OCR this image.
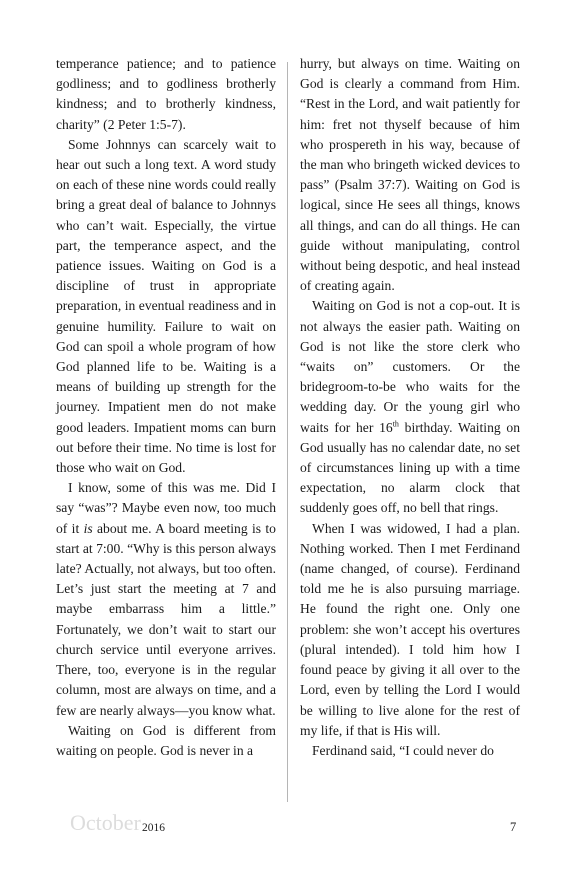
temperance patience; and to patience godliness; and to godliness brotherly kindness; and to brotherly kindness, charity” (2 Peter 1:5-7).

Some Johnnys can scarcely wait to hear out such a long text. A word study on each of these nine words could really bring a great deal of balance to Johnnys who can’t wait. Especially, the virtue part, the temperance aspect, and the patience issues. Waiting on God is a discipline of trust in appropriate preparation, in eventual readiness and in genuine humility. Failure to wait on God can spoil a whole program of how God planned life to be. Waiting is a means of building up strength for the journey. Impatient men do not make good leaders. Impatient moms can burn out before their time. No time is lost for those who wait on God.

I know, some of this was me. Did I say “was”? Maybe even now, too much of it is about me. A board meeting is to start at 7:00. “Why is this person always late? Actually, not always, but too often. Let’s just start the meeting at 7 and maybe embarrass him a little.” Fortunately, we don’t wait to start our church service until everyone arrives. There, too, everyone is in the regular column, most are always on time, and a few are nearly always—you know what.

Waiting on God is different from waiting on people. God is never in a

hurry, but always on time. Waiting on God is clearly a command from Him. “Rest in the Lord, and wait patiently for him: fret not thyself because of him who prospereth in his way, because of the man who bringeth wicked devices to pass” (Psalm 37:7). Waiting on God is logical, since He sees all things, knows all things, and can do all things. He can guide without manipulating, control without being despotic, and heal instead of creating again.

Waiting on God is not a cop-out. It is not always the easier path. Waiting on God is not like the store clerk who “waits on” customers. Or the bridegroom-to-be who waits for the wedding day. Or the young girl who waits for her 16th birthday. Waiting on God usually has no calendar date, no set of circumstances lining up with a time expectation, no alarm clock that suddenly goes off, no bell that rings.

When I was widowed, I had a plan. Nothing worked. Then I met Ferdinand (name changed, of course). Ferdinand told me he is also pursuing marriage. He found the right one. Only one problem: she won’t accept his overtures (plural intended). I told him how I found peace by giving it all over to the Lord, even by telling the Lord I would be willing to live alone for the rest of my life, if that is His will.

Ferdinand said, “I could never do

October 2016	7
